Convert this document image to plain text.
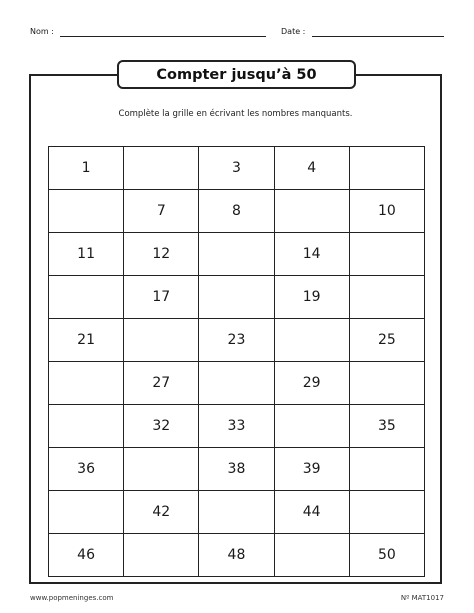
Nom :	Date :
Compter jusqu’à 50
Complète la grille en écrivant les nombres manquants.
1		3	4	
	7	8		10
11	12		14	
	17		19	
21		23		25
	27		29	
	32	33		35
36		38	39	
	42		44	
46		48		50
www.popmeninges.com	Nº MAT1017
